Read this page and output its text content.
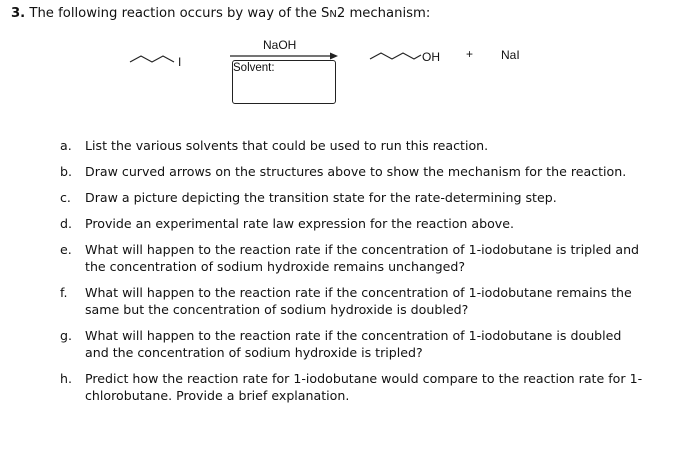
3. The following reaction occurs by way of the SN2 mechanism:
I
NaOH
Solvent:
OH + NaI
a.	List the various solvents that could be used to run this reaction.
b.	Draw curved arrows on the structures above to show the mechanism for the reaction.
c.	Draw a picture depicting the transition state for the rate-determining step.
d.	Provide an experimental rate law expression for the reaction above.
e.	What will happen to the reaction rate if the concentration of 1-iodobutane is tripled and the concentration of sodium hydroxide remains unchanged?
f.	What will happen to the reaction rate if the concentration of 1-iodobutane remains the same but the concentration of sodium hydroxide is doubled?
g.	What will happen to the reaction rate if the concentration of 1-iodobutane is doubled and the concentration of sodium hydroxide is tripled?
h.	Predict how the reaction rate for 1-iodobutane would compare to the reaction rate for 1-chlorobutane. Provide a brief explanation.
